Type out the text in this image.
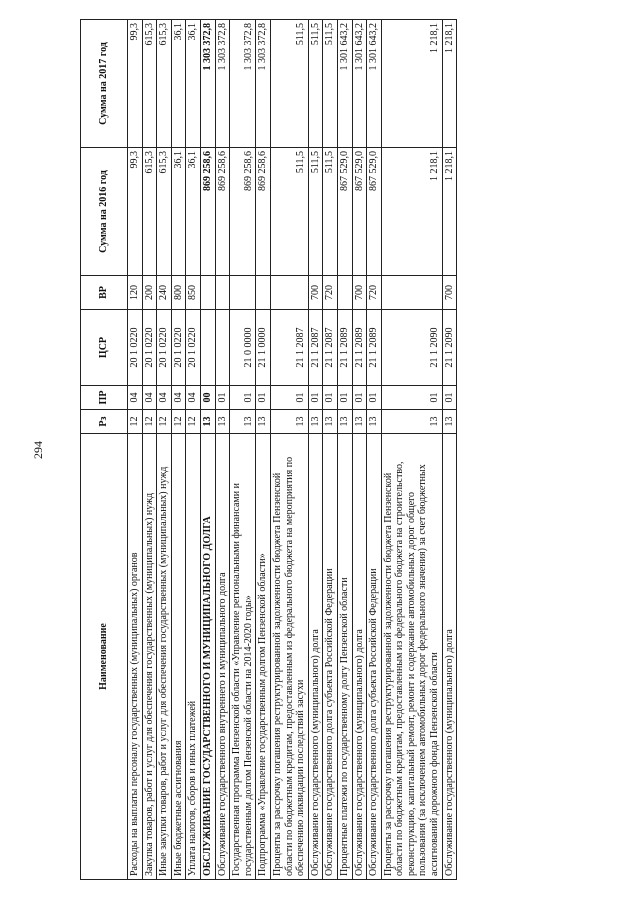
294
Наименование	Рз	ПР	ЦСР	ВР	Сумма на 2016 год	Сумма на 2017 год
Расходы на выплаты персоналу государственных (муниципальных) органов	12	04	20 1 0220	120	99,3	99,3
Закупка товаров, работ и услуг для обеспечения государственных (муниципальных) нужд	12	04	20 1 0220	200	615,3	615,3
Иные закупки товаров, работ и услуг для обеспечения государственных (муниципальных) нужд	12	04	20 1 0220	240	615,3	615,3
Иные бюджетные ассигнования	12	04	20 1 0220	800	36,1	36,1
Уплата налогов, сборов и иных платежей	12	04	20 1 0220	850	36,1	36,1
ОБСЛУЖИВАНИЕ ГОСУДАРСТВЕННОГО И МУНИЦИПАЛЬНОГО ДОЛГА	13	00			869 258,6	1 303 372,8
Обслуживание государственного внутреннего и муниципального долга	13	01			869 258,6	1 303 372,8
Государственная программа Пензенской области «Управление региональными финансами и государственным долгом Пензенской области на 2014-2020 годы»	13	01	21 0 0000		869 258,6	1 303 372,8
Подпрограмма «Управление государственным долгом Пензенской области»	13	01	21 1 0000		869 258,6	1 303 372,8
Проценты за рассрочку погашения реструктурированной задолженности бюджета Пензенской области по бюджетным кредитам, предоставленным из федерального бюджета на мероприятия по обеспечению ликвидации последствий засухи	13	01	21 1 2087		511,5	511,5
Обслуживание государственного (муниципального) долга	13	01	21 1 2087	700	511,5	511,5
Обслуживание государственного долга субъекта Российской Федерации	13	01	21 1 2087	720	511,5	511,5
Процентные платежи по государственному долгу Пензенской области	13	01	21 1 2089		867 529,0	1 301 643,2
Обслуживание государственного (муниципального) долга	13	01	21 1 2089	700	867 529,0	1 301 643,2
Обслуживание государственного долга субъекта Российской Федерации	13	01	21 1 2089	720	867 529,0	1 301 643,2
Проценты за рассрочку погашения реструктурированной задолженности бюджета Пензенской области по бюджетным кредитам, предоставленным из федерального бюджета на строительство, реконструкцию, капитальный ремонт, ремонт и содержание автомобильных дорог общего пользования (за исключением автомобильных дорог федерального значения) за счет бюджетных ассигнований дорожного фонда Пензенской области	13	01	21 1 2090		1 218,1	1 218,1
Обслуживание государственного (муниципального) долга	13	01	21 1 2090	700	1 218,1	1 218,1
